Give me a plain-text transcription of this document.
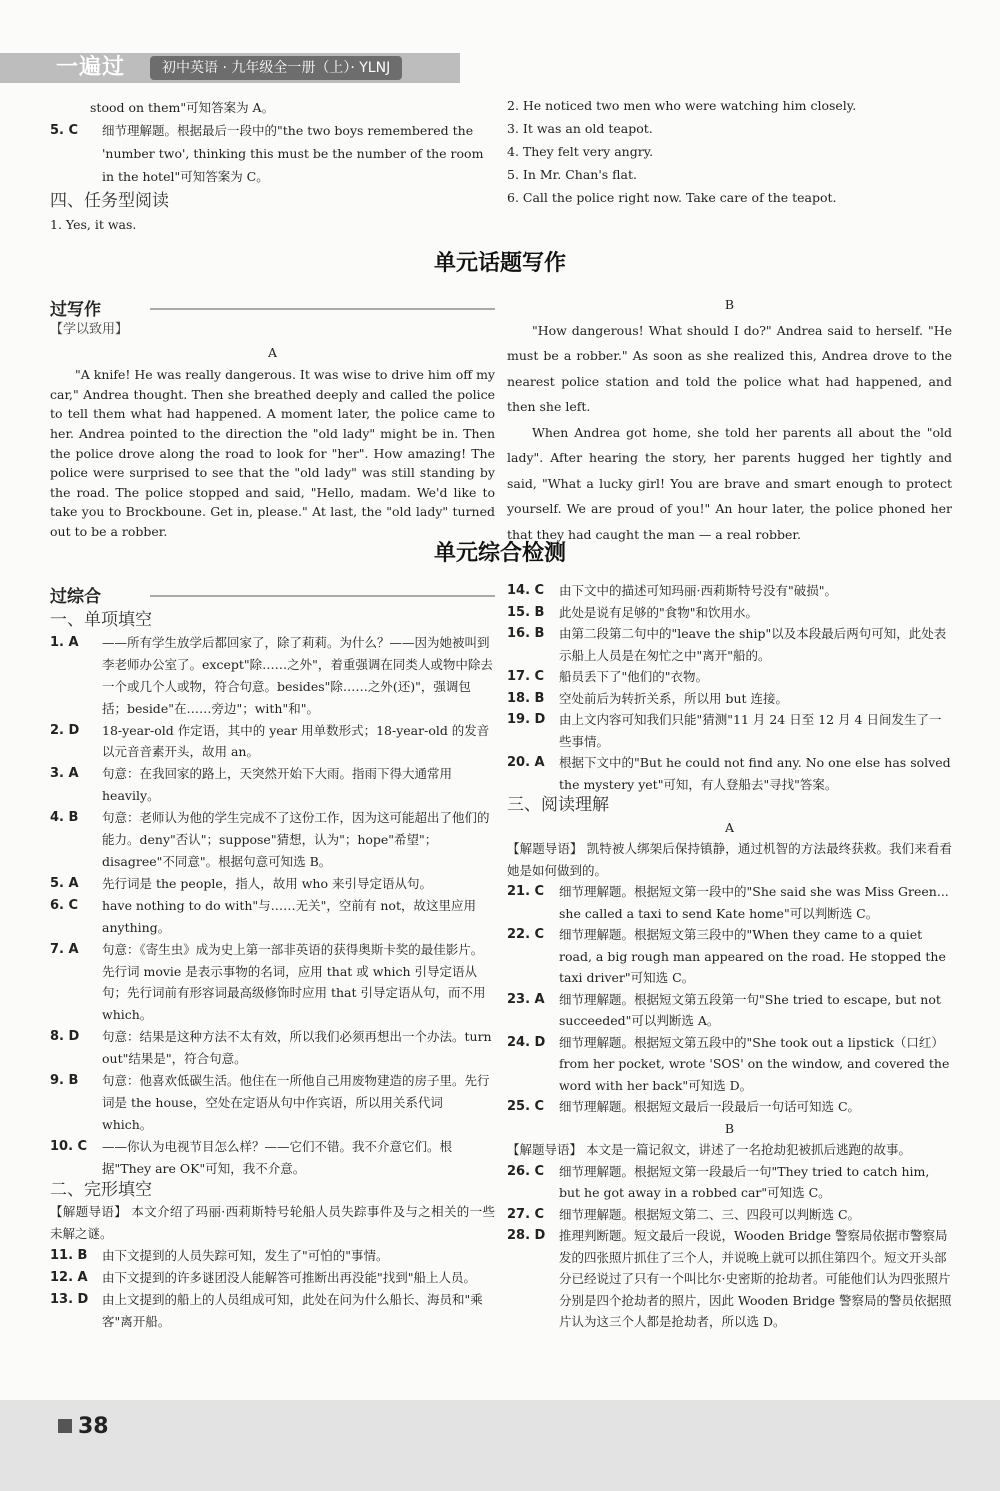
一遍过	初中英语 · 九年级全一册（上）· YLNJ
stood on them"可知答案为 A。
5. C	细节理解题。根据最后一段中的"the two boys remembered the 'number two', thinking this must be the number of the room in the hotel"可知答案为 C。
四、任务型阅读
1. Yes, it was.
2. He noticed two men who were watching him closely.
3. It was an old teapot.
4. They felt very angry.
5. In Mr. Chan's flat.
6. Call the police right now. Take care of the teapot.
单元话题写作
过写作
【学以致用】
A
"A knife! He was really dangerous. It was wise to drive him off my car," Andrea thought. Then she breathed deeply and called the police to tell them what had happened. A moment later, the police came to her. Andrea pointed to the direction the "old lady" might be in. Then the police drove along the road to look for "her". How amazing! The police were surprised to see that the "old lady" was still standing by the road. The police stopped and said, "Hello, madam. We'd like to take you to Brockboune. Get in, please." At last, the "old lady" turned out to be a robber.
B
"How dangerous! What should I do?" Andrea said to herself. "He must be a robber." As soon as she realized this, Andrea drove to the nearest police station and told the police what had happened, and then she left.
When Andrea got home, she told her parents all about the "old lady". After hearing the story, her parents hugged her tightly and said, "What a lucky girl! You are brave and smart enough to protect yourself. We are proud of you!" An hour later, the police phoned her that they had caught the man — a real robber.
单元综合检测
过综合
一、单项填空
1. A	——所有学生放学后都回家了，除了莉莉。为什么？——因为她被叫到李老师办公室了。except"除……之外"，着重强调在同类人或物中除去一个或几个人或物，符合句意。besides"除……之外(还)"，强调包括；beside"在……旁边"；with"和"。
2. D	18-year-old 作定语，其中的 year 用单数形式；18-year-old 的发音以元音音素开头，故用 an。
3. A	句意：在我回家的路上，天突然开始下大雨。指雨下得大通常用 heavily。
4. B	句意：老师认为他的学生完成不了这份工作，因为这可能超出了他们的能力。deny"否认"；suppose"猜想，认为"；hope"希望"；disagree"不同意"。根据句意可知选 B。
5. A	先行词是 the people，指人，故用 who 来引导定语从句。
6. C	have nothing to do with"与……无关"，空前有 not，故这里应用 anything。
7. A	句意：《寄生虫》成为史上第一部非英语的获得奥斯卡奖的最佳影片。先行词 movie 是表示事物的名词，应用 that 或 which 引导定语从句；先行词前有形容词最高级修饰时应用 that 引导定语从句，而不用 which。
8. D	句意：结果是这种方法不太有效，所以我们必须再想出一个办法。turn out"结果是"，符合句意。
9. B	句意：他喜欢低碳生活。他住在一所他自己用废物建造的房子里。先行词是 the house，空处在定语从句中作宾语，所以用关系代词 which。
10. C	——你认为电视节目怎么样？——它们不错。我不介意它们。根据"They are OK"可知，我不介意。
二、完形填空
【解题导语】 本文介绍了玛丽·西莉斯特号轮船人员失踪事件及与之相关的一些未解之谜。
11. B	由下文提到的人员失踪可知，发生了"可怕的"事情。
12. A	由下文提到的许多谜团没人能解答可推断出再没能"找到"船上人员。
13. D	由上文提到的船上的人员组成可知，此处在问为什么船长、海员和"乘客"离开船。
14. C	由下文中的描述可知玛丽·西莉斯特号没有"破损"。
15. B	此处是说有足够的"食物"和饮用水。
16. B	由第二段第二句中的"leave the ship"以及本段最后两句可知，此处表示船上人员是在匆忙之中"离开"船的。
17. C	船员丢下了"他们的"衣物。
18. B	空处前后为转折关系，所以用 but 连接。
19. D	由上文内容可知我们只能"猜测"11 月 24 日至 12 月 4 日间发生了一些事情。
20. A	根据下文中的"But he could not find any. No one else has solved the mystery yet"可知，有人登船去"寻找"答案。
三、阅读理解
A
【解题导语】 凯特被人绑架后保持镇静，通过机智的方法最终获救。我们来看看她是如何做到的。
21. C	细节理解题。根据短文第一段中的"She said she was Miss Green... she called a taxi to send Kate home"可以判断选 C。
22. C	细节理解题。根据短文第三段中的"When they came to a quiet road, a big rough man appeared on the road. He stopped the taxi driver"可知选 C。
23. A	细节理解题。根据短文第五段第一句"She tried to escape, but not succeeded"可以判断选 A。
24. D	细节理解题。根据短文第五段中的"She took out a lipstick（口红）from her pocket, wrote 'SOS' on the window, and covered the word with her back"可知选 D。
25. C	细节理解题。根据短文最后一段最后一句话可知选 C。
B
【解题导语】 本文是一篇记叙文，讲述了一名抢劫犯被抓后逃跑的故事。
26. C	细节理解题。根据短文第一段最后一句"They tried to catch him, but he got away in a robbed car"可知选 C。
27. C	细节理解题。根据短文第二、三、四段可以判断选 C。
28. D	推理判断题。短文最后一段说，Wooden Bridge 警察局依据市警察局发的四张照片抓住了三个人，并说晚上就可以抓住第四个。短文开头部分已经说过了只有一个叫比尔·史密斯的抢劫者。可能他们认为四张照片分别是四个抢劫者的照片，因此 Wooden Bridge 警察局的警员依据照片认为这三个人都是抢劫者，所以选 D。
38
